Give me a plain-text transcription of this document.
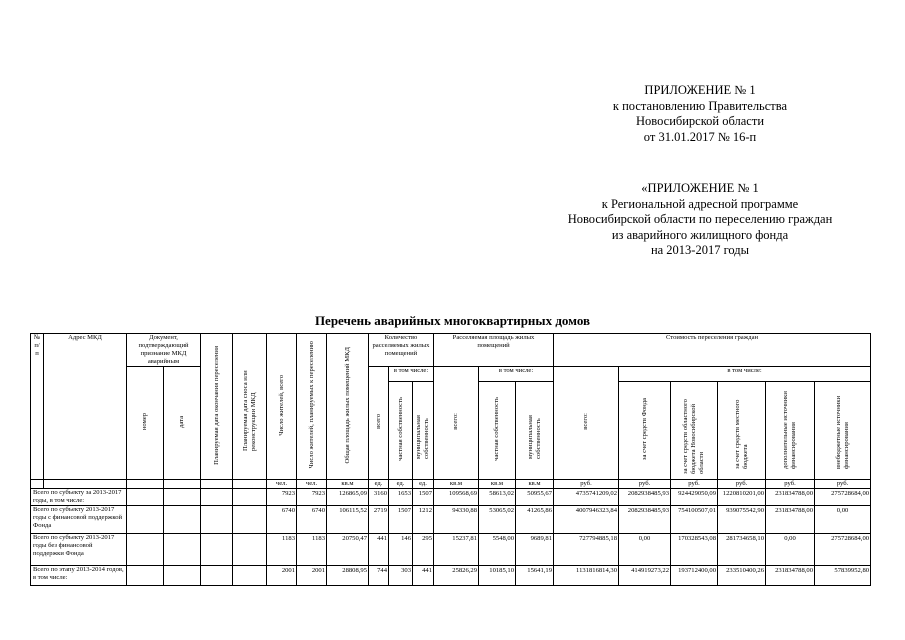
ПРИЛОЖЕНИЕ № 1
к постановлению Правительства
Новосибирской области
от 31.01.2017 № 16-п
«ПРИЛОЖЕНИЕ № 1
к Региональной адресной программе
Новосибирской области по переселению граждан
из аварийного жилищного фонда
на 2013-2017 годы
Перечень аварийных многоквартирных домов
№ п/п	Адрес МКД	Документ, подтверждающий признание МКД аварийным		Планируемая дата окончания переселения	Планируемая дата сноса или реконструкции МКД	Число жителей, всего	Число жителей, планируемых к переселению	Общая площадь жилых помещений МКД	Количество расселяемых жилых помещений			Расселяемая площадь жилых помещений			Стоимость переселения граждан					
		номер	дата						всего	в том числе:		всего:	в том числе:		всего:	в том числе:				
										частная собственность	муниципальная собственность		частная собственность	муниципальная собственность		за счет средств Фонда	за счет средств областного бюджета Новосибирской области	за счет средств местного бюджета	дополнительные источники финансирования	внебюджетные источники финансирования
						чел.	чел.	кв.м	ед.	ед.	ед.	кв.м	кв.м	кв.м	руб.	руб.	руб.	руб.	руб.	руб.
Всего по субъекту за 2013-2017 годы, в том числе:						7923	7923	126865,09	3160	1653	1507	109568,69	58613,02	50955,67	4735741209,02	2082938485,93	924429050,09	1220810201,00	231834788,00	275728684,00
Всего по субъекту 2013-2017 годы с финансовой поддержкой Фонда						6740	6740	106115,52	2719	1507	1212	94330,88	53065,02	41265,86	4007946323,84	2082938485,93	754100507,01	939075542,90	231834788,00	0,00
Всего по субъекту 2013-2017 годы без финансовой поддержки Фонда						1183	1183	20750,47	441	146	295	15237,81	5548,00	9689,81	727794885,18	0,00	170328543,08	281734658,10	0,00	275728684,00
Всего по этапу 2013-2014 годов, в том числе:						2001	2001	28808,95	744	303	441	25826,29	10185,10	15641,19	1131816814,30	414919273,22	193712400,00	233510400,26	231834788,00	57839952,80
